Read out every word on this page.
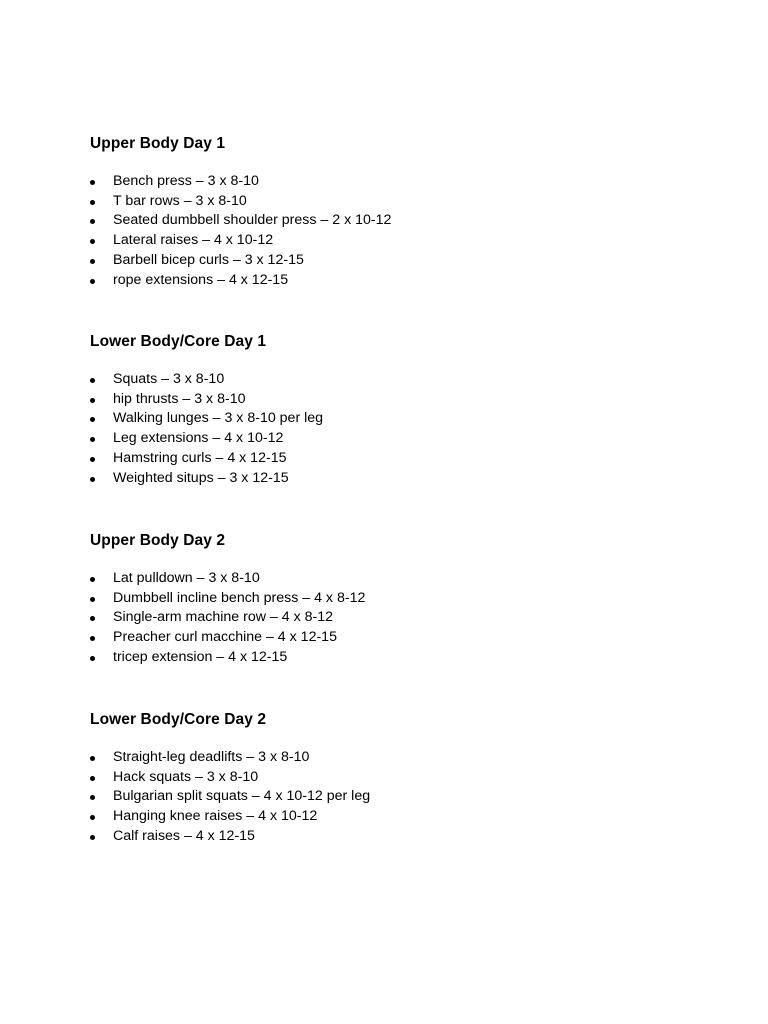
Upper Body Day 1
Bench press – 3 x 8-10
T bar rows – 3 x 8-10
Seated dumbbell shoulder press – 2 x 10-12
Lateral raises – 4 x 10-12
Barbell bicep curls – 3 x 12-15
rope extensions – 4 x 12-15
Lower Body/Core Day 1
Squats – 3 x 8-10
hip thrusts – 3 x 8-10
Walking lunges – 3 x 8-10 per leg
Leg extensions – 4 x 10-12
Hamstring curls – 4 x 12-15
Weighted situps – 3 x 12-15
Upper Body Day 2
Lat pulldown – 3 x 8-10
Dumbbell incline bench press – 4 x 8-12
Single-arm machine row – 4 x 8-12
Preacher curl macchine – 4 x 12-15
tricep extension – 4 x 12-15
Lower Body/Core Day 2
Straight-leg deadlifts – 3 x 8-10
Hack squats – 3 x 8-10
Bulgarian split squats – 4 x 10-12 per leg
Hanging knee raises – 4 x 10-12
Calf raises – 4 x 12-15
